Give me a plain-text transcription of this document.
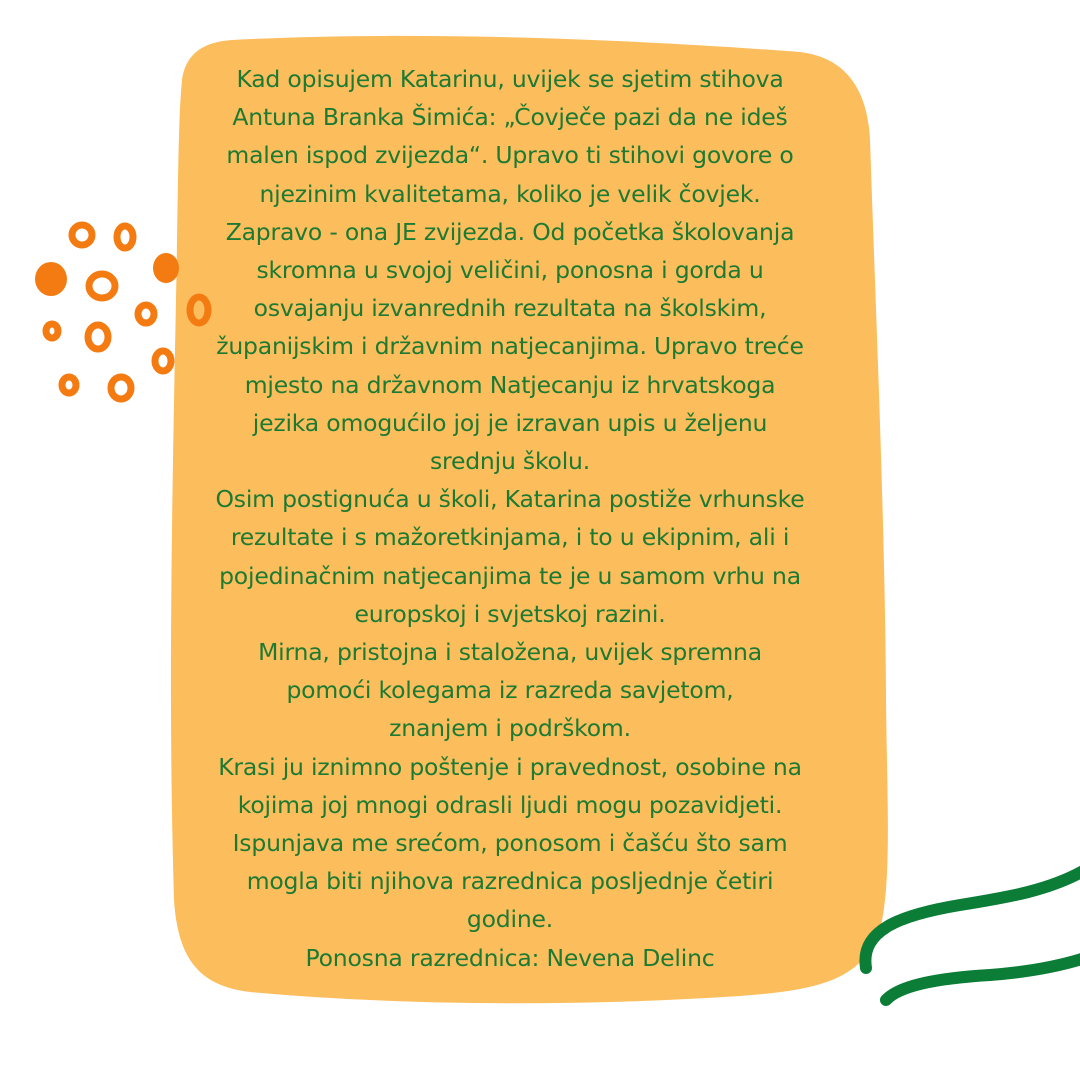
Kad opisujem Katarinu, uvijek se sjetim stihova
Antuna Branka Šimića: „Čovječe pazi da ne ideš
malen ispod zvijezda“. Upravo ti stihovi govore o
njezinim kvalitetama, koliko je velik čovjek.
Zapravo - ona JE zvijezda. Od početka školovanja
skromna u svojoj veličini, ponosna i gorda u
osvajanju izvanrednih rezultata na školskim,
županijskim i državnim natjecanjima. Upravo treće
mjesto na državnom Natjecanju iz hrvatskoga
jezika omogućilo joj je izravan upis u željenu
srednju školu.
Osim postignuća u školi, Katarina postiže vrhunske
rezultate i s mažoretkinjama, i to u ekipnim, ali i
pojedinačnim natjecanjima te je u samom vrhu na
europskoj i svjetskoj razini.
Mirna, pristojna i staložena, uvijek spremna
pomoći kolegama iz razreda savjetom,
znanjem i podrškom.
Krasi ju iznimno poštenje i pravednost, osobine na
kojima joj mnogi odrasli ljudi mogu pozavidjeti.
Ispunjava me srećom, ponosom i čašću što sam
mogla biti njihova razrednica posljednje četiri
godine.
Ponosna razrednica: Nevena Delinc
